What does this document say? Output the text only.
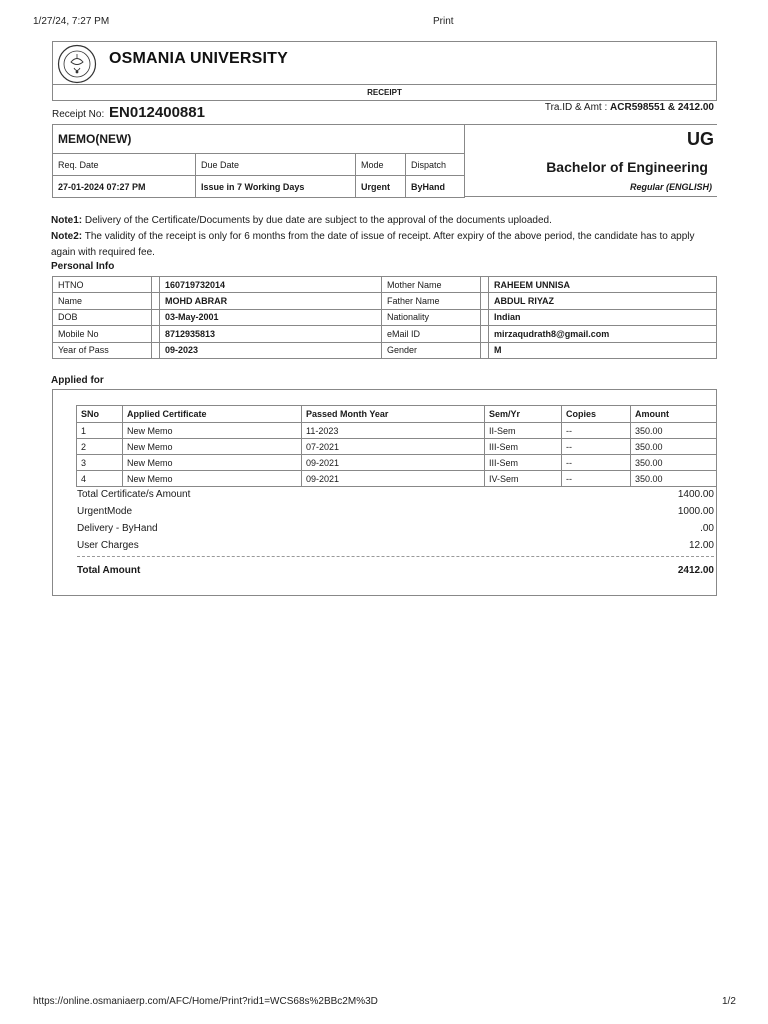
1/27/24, 7:27 PM	Print
OSMANIA UNIVERSITY
RECEIPT
Receipt No: EN012400881	Tra.ID & Amt : ACR598551 & 2412.00
MEMO(NEW)			
Req. Date	Due Date	Mode	Dispatch
27-01-2024 07:27 PM	Issue in 7 Working Days	Urgent	ByHand
UG
Bachelor of Engineering
Regular (ENGLISH)
Note1: Delivery of the Certificate/Documents by due date are subject to the approval of the documents uploaded.
Note2: The validity of the receipt is only for 6 months from the date of issue of receipt. After expiry of the above period, the candidate has to apply again with required fee.
Personal Info
HTNO		160719732014	Mother Name		RAHEEM UNNISA
Name		MOHD ABRAR	Father Name		ABDUL RIYAZ
DOB		03-May-2001	Nationality		Indian
Mobile No		8712935813	eMail ID		mirzaqudrath8@gmail.com
Year of Pass		09-2023	Gender		M
Applied for
SNo	Applied Certificate	Passed Month Year	Sem/Yr	Copies	Amount
1	New Memo	11-2023	II-Sem	--	350.00
2	New Memo	07-2021	III-Sem	--	350.00
3	New Memo	09-2021	III-Sem	--	350.00
4	New Memo	09-2021	IV-Sem	--	350.00
Total Certificate/s Amount	1400.00
UrgentMode	1000.00
Delivery - ByHand	.00
User Charges	12.00
Total Amount	2412.00
https://online.osmaniaerp.com/AFC/Home/Print?rid1=WCS68s%2BBc2M%3D	1/2
